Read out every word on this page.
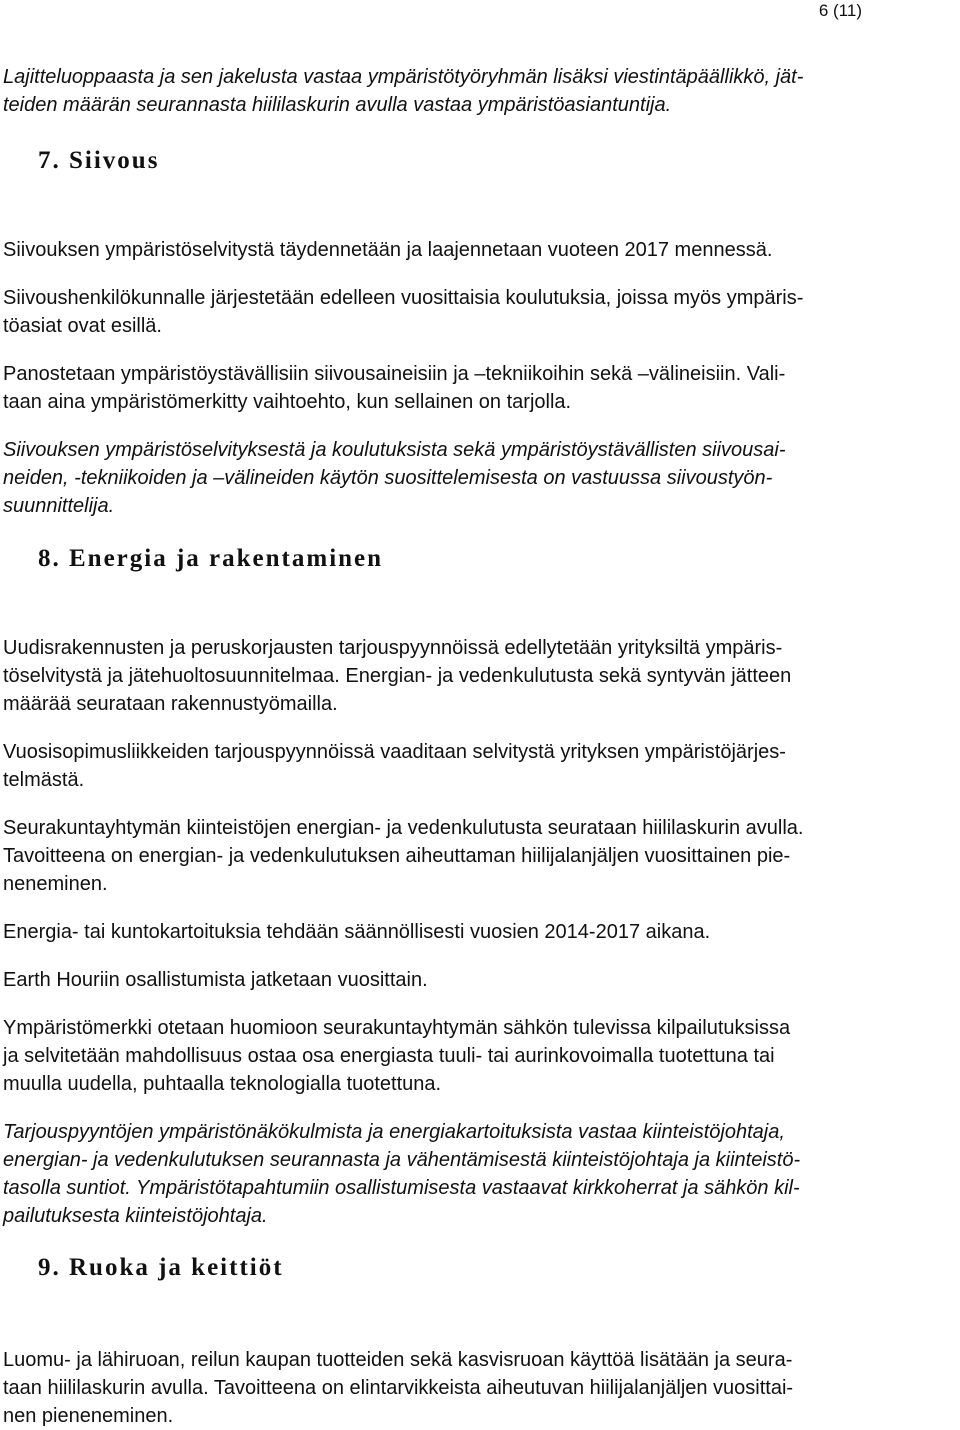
6 (11)

Lajitteluoppaasta ja sen jakelusta vastaa ympäristötyöryhmän lisäksi viestintäpäällikkö, jät-
teiden määrän seurannasta hiililaskurin avulla vastaa ympäristöasiantuntija.

7. Siivous

Siivouksen ympäristöselvitystä täydennetään ja laajennetaan vuoteen 2017 mennessä.

Siivoushenkilökunnalle järjestetään edelleen vuosittaisia koulutuksia, joissa myös ympäris-
töasiat ovat esillä.

Panostetaan ympäristöystävällisiin siivousaineisiin ja –tekniikoihin sekä –välineisiin. Vali-
taan aina ympäristömerkitty vaihtoehto, kun sellainen on tarjolla.

Siivouksen ympäristöselvityksestä ja koulutuksista sekä ympäristöystävällisten siivousai-
neiden, -tekniikoiden ja –välineiden käytön suosittelemisesta on vastuussa siivoustyön-
suunnittelija.

8. Energia ja rakentaminen

Uudisrakennusten ja peruskorjausten tarjouspyynnöissä edellytetään yrityksiltä ympäris-
töselvitystä ja jätehuoltosuunnitelmaa. Energian- ja vedenkulutusta sekä syntyvän jätteen
määrää seurataan rakennustyömailla.

Vuosisopimusliikkeiden tarjouspyynnöissä vaaditaan selvitystä yrityksen ympäristöjärjes-
telmästä.

Seurakuntayhtymän kiinteistöjen energian- ja vedenkulutusta seurataan hiililaskurin avulla.
Tavoitteena on energian- ja vedenkulutuksen aiheuttaman hiilijalanjäljen vuosittainen pie-
neneminen.

Energia- tai kuntokartoituksia tehdään säännöllisesti vuosien 2014-2017 aikana.

Earth Houriin osallistumista jatketaan vuosittain.

Ympäristömerkki otetaan huomioon seurakuntayhtymän sähkön tulevissa kilpailutuksissa
ja selvitetään mahdollisuus ostaa osa energiasta tuuli- tai aurinkovoimalla tuotettuna tai
muulla uudella, puhtaalla teknologialla tuotettuna.

Tarjouspyyntöjen ympäristönäkökulmista ja energiakartoituksista vastaa kiinteistöjohtaja,
energian- ja vedenkulutuksen seurannasta ja vähentämisestä kiinteistöjohtaja ja kiinteistö-
tasolla suntiot. Ympäristötapahtumiin osallistumisesta vastaavat kirkkoherrat ja sähkön kil-
pailutuksesta kiinteistöjohtaja.

9. Ruoka ja keittiöt

Luomu- ja lähiruoan, reilun kaupan tuotteiden sekä kasvisruoan käyttöä lisätään ja seura-
taan hiililaskurin avulla. Tavoitteena on elintarvikkeista aiheutuvan hiilijalanjäljen vuosittai-
nen pieneneminen.
